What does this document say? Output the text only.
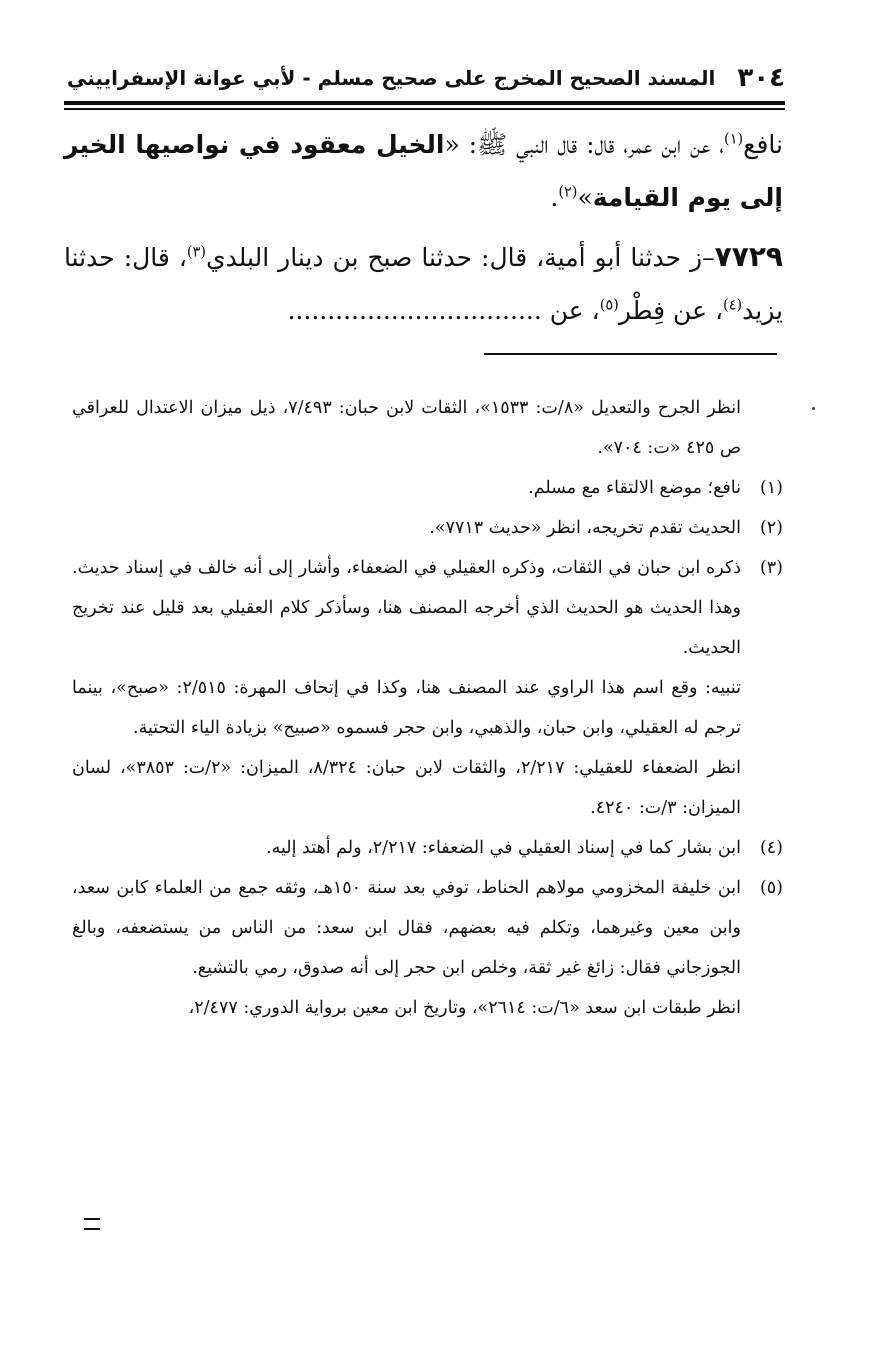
٣٠٤
المسند الصحيح المخرج على صحيح مسلم - لأبي عوانة الإسفراييني

نافع$^{(١)}$، عن ابن عمر، قال: قال النبي ﷺ: «الخيل معقود في نواصيها الخير إلى يوم القيامة»$^{(٢)}$.

٧٧٢٩–ز حدثنا أبو أمية، قال: حدثنا صبح بن دينار البلدي$^{(٣)}$، قال: حدثنا يزيد$^{(٤)}$، عن فِطْر$^{(٥)}$، عن ................................

انظر الجرح والتعديل «٨/ت: ١٥٣٣»، الثقات لابن حبان: ٧/٤٩٣، ذيل ميزان الاعتدال للعراقي ص ٤٢٥ «ت: ٧٠٤».

(١)
نافع؛ موضع الالتقاء مع مسلم.
(٢)
الحديث تقدم تخريجه، انظر «حديث ٧٧١٣».
(٣)
ذكره ابن حبان في الثقات، وذكره العقيلي في الضعفاء، وأشار إلى أنه خالف في إسناد حديث. وهذا الحديث هو الحديث الذي أخرجه المصنف هنا، وسأذكر كلام العقيلي بعد قليل عند تخريج الحديث.

تنبيه: وقع اسم هذا الراوي عند المصنف هنا، وكذا في إتحاف المهرة: ٢/٥١٥: «صبح»، بينما ترجم له العقيلي، وابن حبان، والذهبي، وابن حجر فسموه «صبيح» بزيادة الياء التحتية.

انظر الضعفاء للعقيلي: ٢/٢١٧، والثقات لابن حبان: ٨/٣٢٤، الميزان: «٢/ت: ٣٨٥٣»، لسان الميزان: ٣/ت: ٤٢٤٠.

(٤)
ابن بشار كما في إسناد العقيلي في الضعفاء: ٢/٢١٧، ولم أهتد إليه.
(٥)
ابن خليفة المخزومي مولاهم الحناط، توفي بعد سنة ١٥٠هـ، وثقه جمع من العلماء كابن سعد، وابن معين وغيرهما، وتكلم فيه بعضهم، فقال ابن سعد: من الناس من يستضعفه، وبالغ الجوزجاني فقال: زائغ غير ثقة، وخلص ابن حجر إلى أنه صدوق، رمي بالتشيع.

انظر طبقات ابن سعد «٦/ت: ٢٦١٤»، وتاريخ ابن معين برواية الدوري: ٢/٤٧٧،
